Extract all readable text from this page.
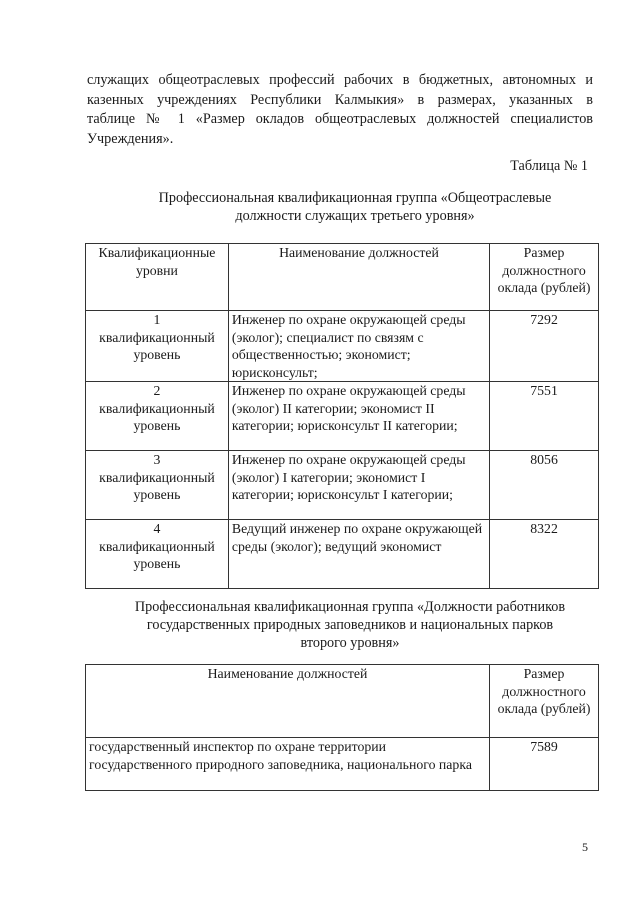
служащих общеотраслевых профессий рабочих в бюджетных, автономных и
казенных учреждениях Республики Калмыкия» в размерах, указанных в
таблице № 1 «Размер окладов общеотраслевых должностей специалистов
Учреждения».
Таблица № 1
Профессиональная квалификационная группа «Общеотраслевые
должности служащих третьего уровня»
Квалификационные уровни	Наименование должностей	Размер должностного оклада (рублей)

1
квалификационный уровень	Инженер по охране окружающей среды (эколог); специалист по связям с общественностью; экономист; юрисконсульт;	7292

2
квалификационный уровень	Инженер по охране окружающей среды (эколог) II категории; экономист II категории; юрисконсульт II категории;	7551

3
квалификационный уровень	Инженер по охране окружающей среды (эколог) I категории; экономист I категории; юрисконсульт I категории;	8056

4
квалификационный уровень	Ведущий инженер по охране окружающей среды (эколог); ведущий экономист	8322
Профессиональная квалификационная группа «Должности работников
государственных природных заповедников и национальных парков
второго уровня»
Наименование должностей	Размер должностного оклада (рублей)
государственный инспектор по охране территории государственного природного заповедника, национального парка	7589
5
